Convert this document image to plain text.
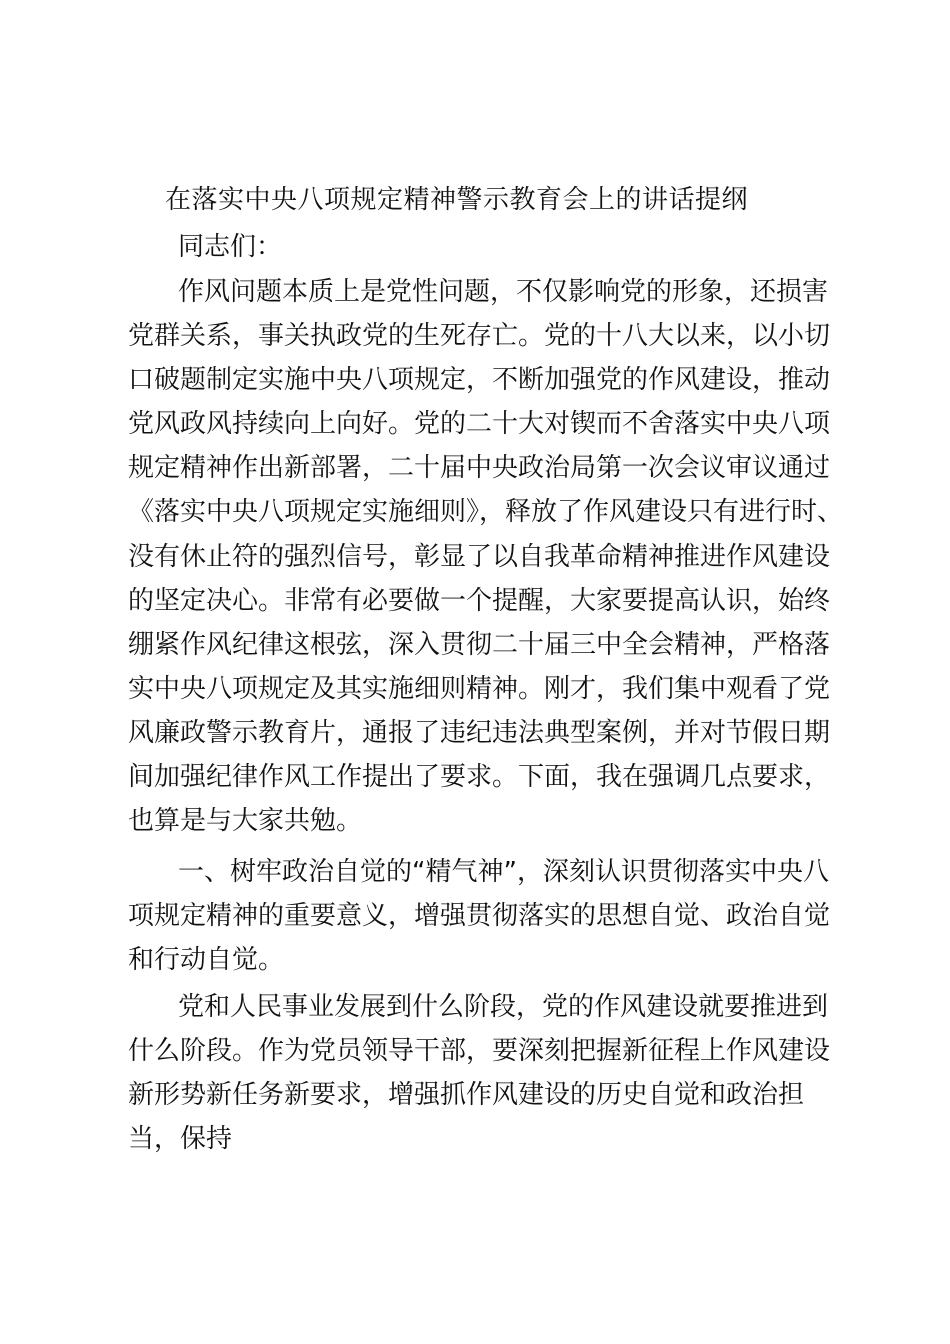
在落实中央八项规定精神警示教育会上的讲话提纲
同志们：
作风问题本质上是党性问题，不仅影响党的形象，还损害
党群关系，事关执政党的生死存亡。党的十八大以来，以小切
口破题制定实施中央八项规定，不断加强党的作风建设，推动
党风政风持续向上向好。党的二十大对锲而不舍落实中央八项
规定精神作出新部署，二十届中央政治局第一次会议审议通过
《落实中央八项规定实施细则》，释放了作风建设只有进行时、
没有休止符的强烈信号，彰显了以自我革命精神推进作风建设
的坚定决心。非常有必要做一个提醒，大家要提高认识，始终
绷紧作风纪律这根弦，深入贯彻二十届三中全会精神，严格落
实中央八项规定及其实施细则精神。刚才，我们集中观看了党
风廉政警示教育片，通报了违纪违法典型案例，并对节假日期
间加强纪律作风工作提出了要求。下面，我在强调几点要求，
也算是与大家共勉。
一、树牢政治自觉的“精气神”，深刻认识贯彻落实中央八
项规定精神的重要意义，增强贯彻落实的思想自觉、政治自觉
和行动自觉。
党和人民事业发展到什么阶段，党的作风建设就要推进到
什么阶段。作为党员领导干部，要深刻把握新征程上作风建设
新形势新任务新要求，增强抓作风建设的历史自觉和政治担
当，保持
